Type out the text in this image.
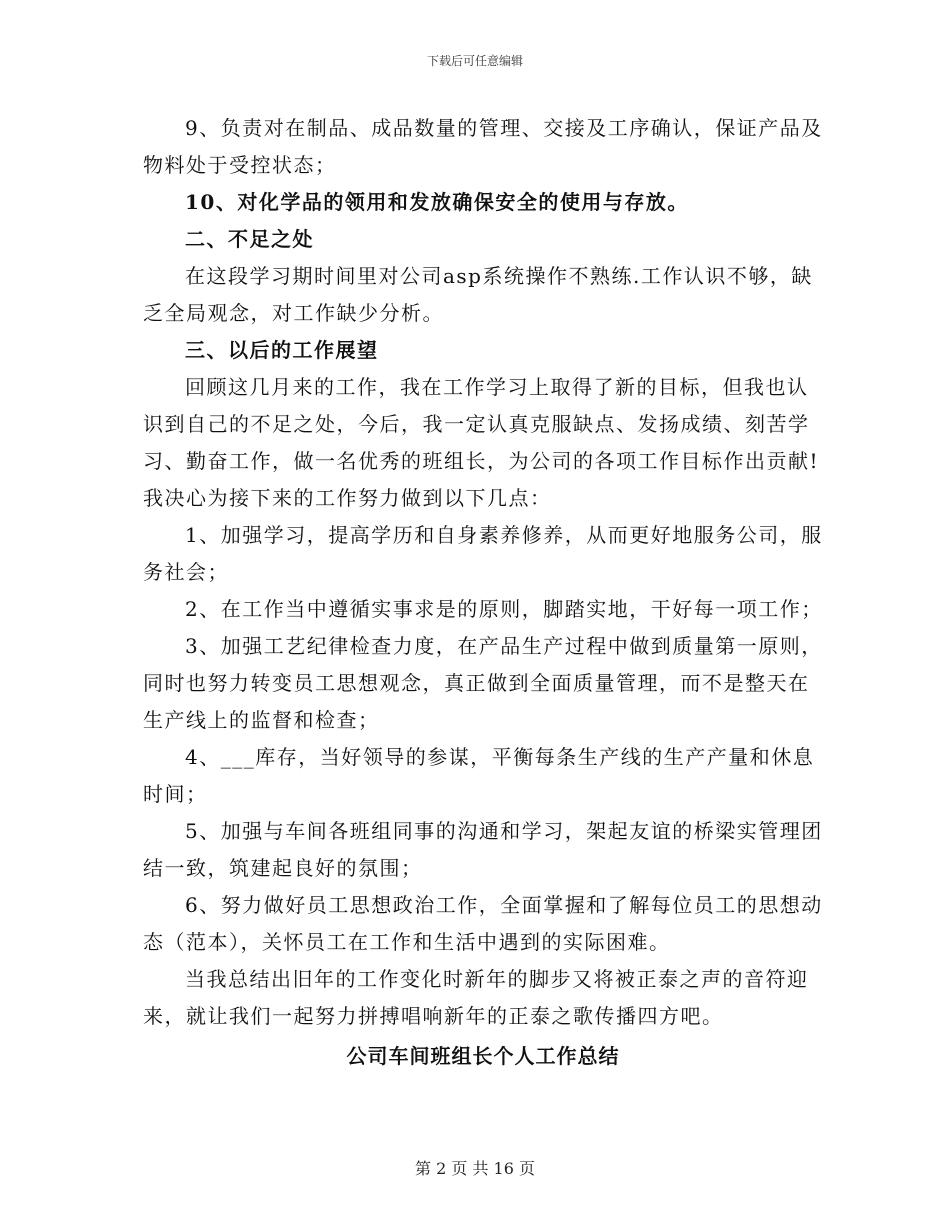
下载后可任意编辑

9、负责对在制品、成品数量的管理、交接及工序确认，保证产品及物料处于受控状态；

10、对化学品的领用和发放确保安全的使用与存放。

二、不足之处

在这段学习期时间里对公司asp系统操作不熟练.工作认识不够，缺乏全局观念，对工作缺少分析。

三、以后的工作展望

回顾这几月来的工作，我在工作学习上取得了新的目标，但我也认识到自己的不足之处，今后，我一定认真克服缺点、发扬成绩、刻苦学习、勤奋工作，做一名优秀的班组长，为公司的各项工作目标作出贡献!我决心为接下来的工作努力做到以下几点：

1、加强学习，提高学历和自身素养修养，从而更好地服务公司，服务社会；

2、在工作当中遵循实事求是的原则，脚踏实地，干好每一项工作；

3、加强工艺纪律检查力度，在产品生产过程中做到质量第一原则，同时也努力转变员工思想观念，真正做到全面质量管理，而不是整天在生产线上的监督和检查；

4、___库存，当好领导的参谋，平衡每条生产线的生产产量和休息时间；

5、加强与车间各班组同事的沟通和学习，架起友谊的桥梁实管理团结一致，筑建起良好的氛围；

6、努力做好员工思想政治工作，全面掌握和了解每位员工的思想动态（范本），关怀员工在工作和生活中遇到的实际困难。

当我总结出旧年的工作变化时新年的脚步又将被正泰之声的音符迎来，就让我们一起努力拼搏唱响新年的正泰之歌传播四方吧。

公司车间班组长个人工作总结

第 2 页 共 16 页
